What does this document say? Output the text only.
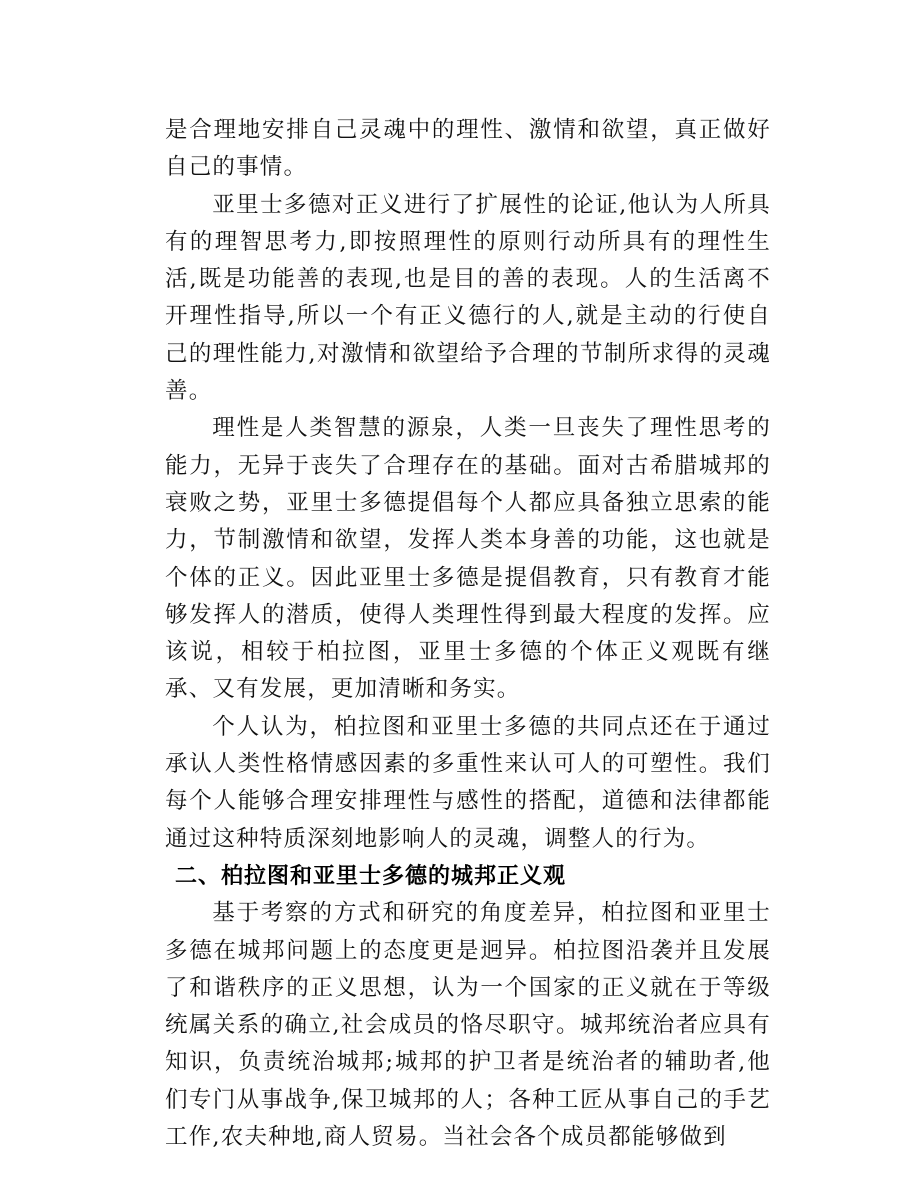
是合理地安排自己灵魂中的理性、激情和欲望，真正做好自己的事情。

亚里士多德对正义进行了扩展性的论证,他认为人所具有的理智思考力,即按照理性的原则行动所具有的理性生活,既是功能善的表现,也是目的善的表现。人的生活离不开理性指导,所以一个有正义德行的人,就是主动的行使自己的理性能力,对激情和欲望给予合理的节制所求得的灵魂善。

理性是人类智慧的源泉，人类一旦丧失了理性思考的能力，无异于丧失了合理存在的基础。面对古希腊城邦的衰败之势，亚里士多德提倡每个人都应具备独立思索的能力，节制激情和欲望，发挥人类本身善的功能，这也就是个体的正义。因此亚里士多德是提倡教育，只有教育才能够发挥人的潜质，使得人类理性得到最大程度的发挥。应该说，相较于柏拉图，亚里士多德的个体正义观既有继承、又有发展，更加清晰和务实。

个人认为，柏拉图和亚里士多德的共同点还在于通过承认人类性格情感因素的多重性来认可人的可塑性。我们每个人能够合理安排理性与感性的搭配，道德和法律都能通过这种特质深刻地影响人的灵魂，调整人的行为。

二、柏拉图和亚里士多德的城邦正义观

基于考察的方式和研究的角度差异，柏拉图和亚里士多德在城邦问题上的态度更是迥异。柏拉图沿袭并且发展了和谐秩序的正义思想，认为一个国家的正义就在于等级统属关系的确立,社会成员的恪尽职守。城邦统治者应具有知识，负责统治城邦;城邦的护卫者是统治者的辅助者,他们专门从事战争,保卫城邦的人；各种工匠从事自己的手艺工作,农夫种地,商人贸易。当社会各个成员都能够做到
